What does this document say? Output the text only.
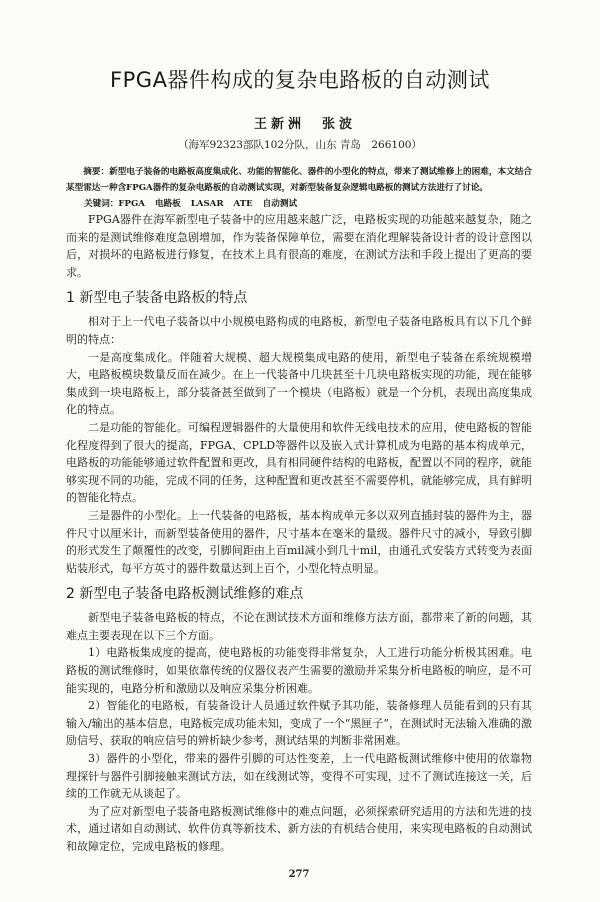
FPGA器件构成的复杂电路板的自动测试
王新洲　张波
（海军92323部队102分队，山东 青岛　266100）

摘要：新型电子装备的电路板高度集成化、功能的智能化、器件的小型化的特点，带来了测试维修上的困难，本文结合某型雷达一种含FPGA器件的复杂电路板的自动测试实现，对新型装备复杂逻辑电路板的测试方法进行了讨论。

关键词：FPGA 电路板 LASAR ATE 自动测试

FPGA器件在海军新型电子装备中的应用越来越广泛，电路板实现的功能越来越复杂，随之而来的是测试维修难度急剧增加，作为装备保障单位，需要在消化理解装备设计者的设计意图以后，对损坏的电路板进行修复，在技术上具有很高的难度，在测试方法和手段上提出了更高的要求。

1 新型电子装备电路板的特点

相对于上一代电子装备以中小规模电路构成的电路板，新型电子装备电路板具有以下几个鲜明的特点：

一是高度集成化。伴随着大规模、超大规模集成电路的使用，新型电子装备在系统规模增大，电路板模块数量反而在减少。在上一代装备中几块甚至十几块电路板实现的功能，现在能够集成到一块电路板上，部分装备甚至做到了一个模块（电路板）就是一个分机，表现出高度集成化的特点。

二是功能的智能化。可编程逻辑器件的大量使用和软件无线电技术的应用，使电路板的智能化程度得到了很大的提高，FPGA、CPLD等器件以及嵌入式计算机成为电路的基本构成单元，电路板的功能能够通过软件配置和更改，具有相同硬件结构的电路板，配置以不同的程序，就能够实现不同的功能，完成不同的任务，这种配置和更改甚至不需要停机，就能够完成，具有鲜明的智能化特点。

三是器件的小型化。上一代装备的电路板，基本构成单元多以双列直插封装的器件为主，器件尺寸以厘米计，而新型装备使用的器件，尺寸基本在毫米的量级。器件尺寸的减小，导致引脚的形式发生了颠覆性的改变，引脚间距由上百mil减小到几十mil，由通孔式安装方式转变为表面贴装形式，每平方英寸的器件数量达到上百个，小型化特点明显。

2 新型电子装备电路板测试维修的难点

新型电子装备电路板的特点，不论在测试技术方面和维修方法方面，都带来了新的问题，其难点主要表现在以下三个方面。

1）电路板集成度的提高，使电路板的功能变得非常复杂，人工进行功能分析极其困难。电路板的测试维修时，如果依靠传统的仪器仪表产生需要的激励并采集分析电路板的响应，是不可能实现的，电路分析和激励以及响应采集分析困难。

2）智能化的电路板，有装备设计人员通过软件赋予其功能，装备修理人员能看到的只有其输入/输出的基本信息，电路板完成功能未知，变成了一个“黑匣子”，在测试时无法输入准确的激励信号、获取的响应信号的辨析缺少参考，测试结果的判断非常困难。

3）器件的小型化，带来的器件引脚的可达性变差，上一代电路板测试维修中使用的依靠物理探针与器件引脚接触来测试方法，如在线测试等，变得不可实现，过不了测试连接这一关，后续的工作就无从谈起了。

为了应对新型电子装备电路板测试维修中的难点问题，必须探索研究适用的方法和先进的技术，通过诸如自动测试、软件仿真等新技术、新方法的有机结合使用，来实现电路板的自动测试和故障定位，完成电路板的修理。

277
